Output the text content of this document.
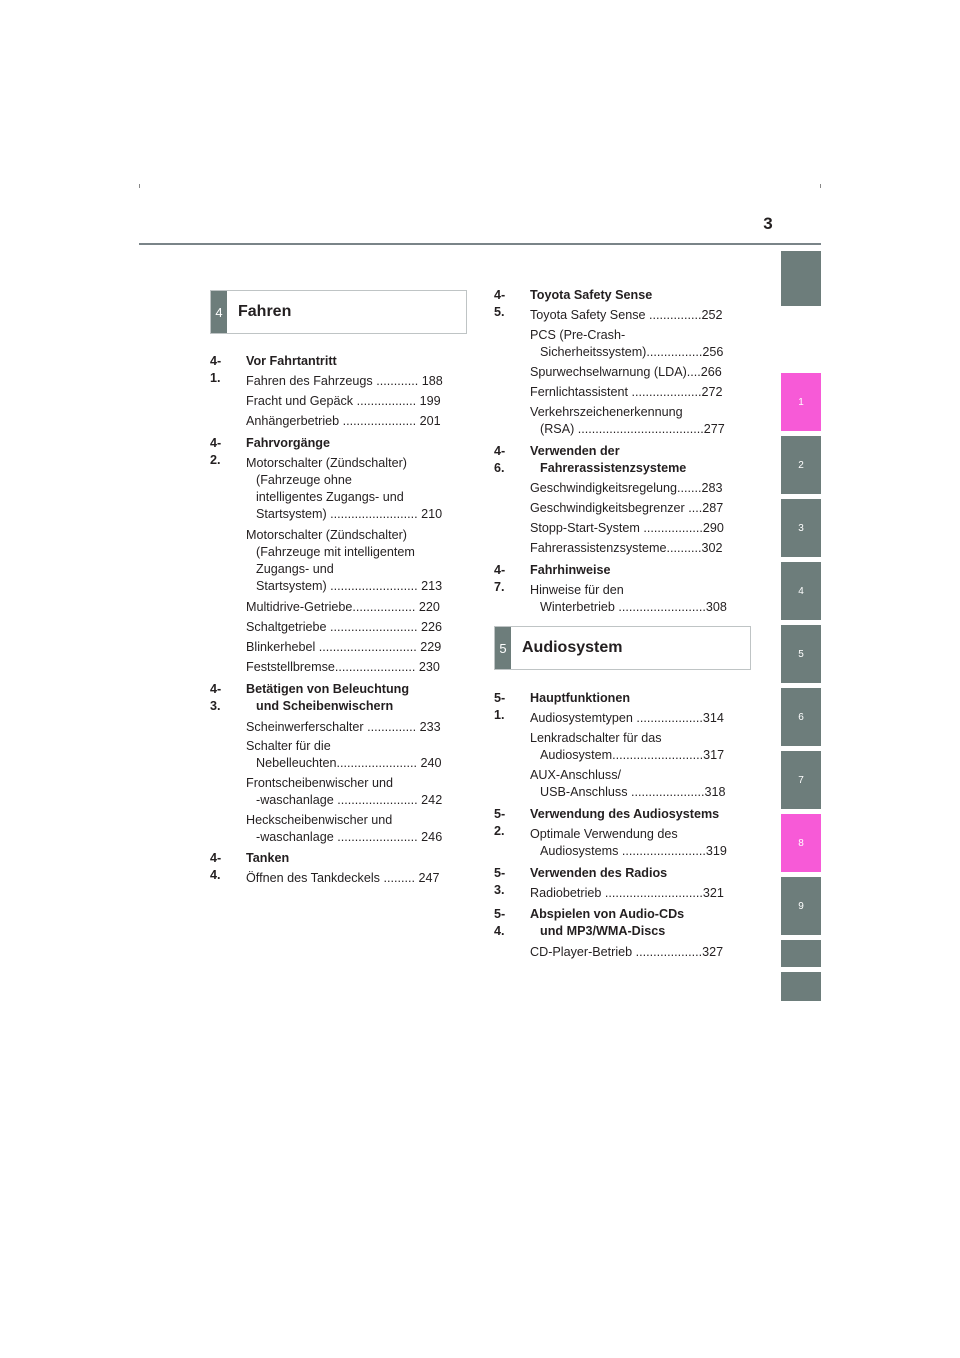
3
1
2
3
4
5
6
7
8
9
4 Fahren
4-1.
Vor Fahrtantritt
Fahren des Fahrzeugs ............ 188
Fracht und Gepäck ................. 199
Anhängerbetrieb ..................... 201
4-2.
Fahrvorgänge
Motorschalter (Zündschalter)
(Fahrzeuge ohne
intelligentes Zugangs- und
Startsystem) ......................... 210
Motorschalter (Zündschalter)
(Fahrzeuge mit intelligentem
Zugangs- und
Startsystem) ......................... 213
Multidrive-Getriebe.................. 220
Schaltgetriebe ......................... 226
Blinkerhebel ............................ 229
Feststellbremse....................... 230
4-3.
Betätigen von Beleuchtung
und Scheibenwischern
Scheinwerferschalter .............. 233
Schalter für die
Nebelleuchten....................... 240
Frontscheibenwischer und
-waschanlage ....................... 242
Heckscheibenwischer und
-waschanlage ....................... 246
4-4.
Tanken
Öffnen des Tankdeckels ......... 247
4-5.
Toyota Safety Sense
Toyota Safety Sense ...............252
PCS (Pre-Crash-
Sicherheitssystem)................256
Spurwechselwarnung (LDA)....266
Fernlichtassistent ....................272
Verkehrszeichenerkennung
(RSA) ....................................277
4-6.
Verwenden der
Fahrerassistenzsysteme
Geschwindigkeitsregelung.......283
Geschwindigkeitsbegrenzer ....287
Stopp-Start-System .................290
Fahrerassistenzsysteme..........302
4-7.
Fahrhinweise
Hinweise für den
Winterbetrieb .........................308
5 Audiosystem
5-1.
Hauptfunktionen
Audiosystemtypen ...................314
Lenkradschalter für das
Audiosystem..........................317
AUX-Anschluss/
USB-Anschluss .....................318
5-2.
Verwendung des Audiosystems
Optimale Verwendung des
Audiosystems ........................319
5-3.
Verwenden des Radios
Radiobetrieb ............................321
5-4.
Abspielen von Audio-CDs
und MP3/WMA-Discs
CD-Player-Betrieb ...................327
